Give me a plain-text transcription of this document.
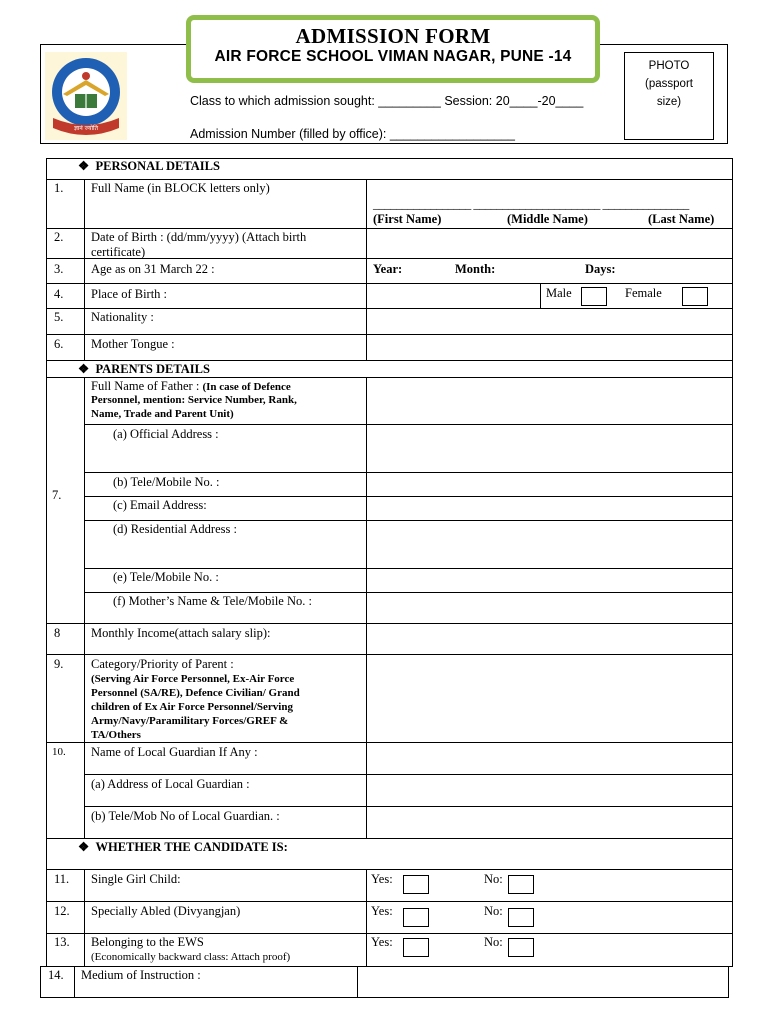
ADMISSION FORM
AIR FORCE SCHOOL VIMAN NAGAR, PUNE -14
ज्ञानं ज्योति
Class to which admission sought: _________ Session: 20____-20____
Admission Number (filled by office): __________________
PHOTO
(passport
size)
❖ PERSONAL DETAILS
1. Full Name (in BLOCK letters only)
_________________ ______________________ _______________
(First Name)	(Middle Name)	(Last Name)
2. Date of Birth : (dd/mm/yyyy) (Attach birth
certificate)
3. Age as on 31 March 22 :	Year:	Month:	Days:
4. Place of Birth :	Male	Female
5. Nationality :
6. Mother Tongue :
❖ PARENTS DETAILS
7.
Full Name of Father : (In case of Defence
Personnel, mention: Service Number, Rank,
Name, Trade and Parent Unit)
(a) Official Address :
(b) Tele/Mobile No. :
(c) Email Address:
(d) Residential Address :
(e) Tele/Mobile No. :
(f) Mother’s Name & Tele/Mobile No. :
8 Monthly Income(attach salary slip):
9. Category/Priority of Parent :
(Serving Air Force Personnel, Ex-Air Force
Personnel (SA/RE), Defence Civilian/ Grand
children of Ex Air Force Personnel/Serving
Army/Navy/Paramilitary Forces/GREF &
TA/Others
10. Name of Local Guardian If Any :
(a) Address of Local Guardian :
(b) Tele/Mob No of Local Guardian. :
❖ WHETHER THE CANDIDATE IS:
11. Single Girl Child:	Yes:	No:
12. Specially Abled (Divyangjan)	Yes:	No:
13. Belonging to the EWS
(Economically backward class: Attach proof)
Yes:	No:
14. Medium of Instruction :
